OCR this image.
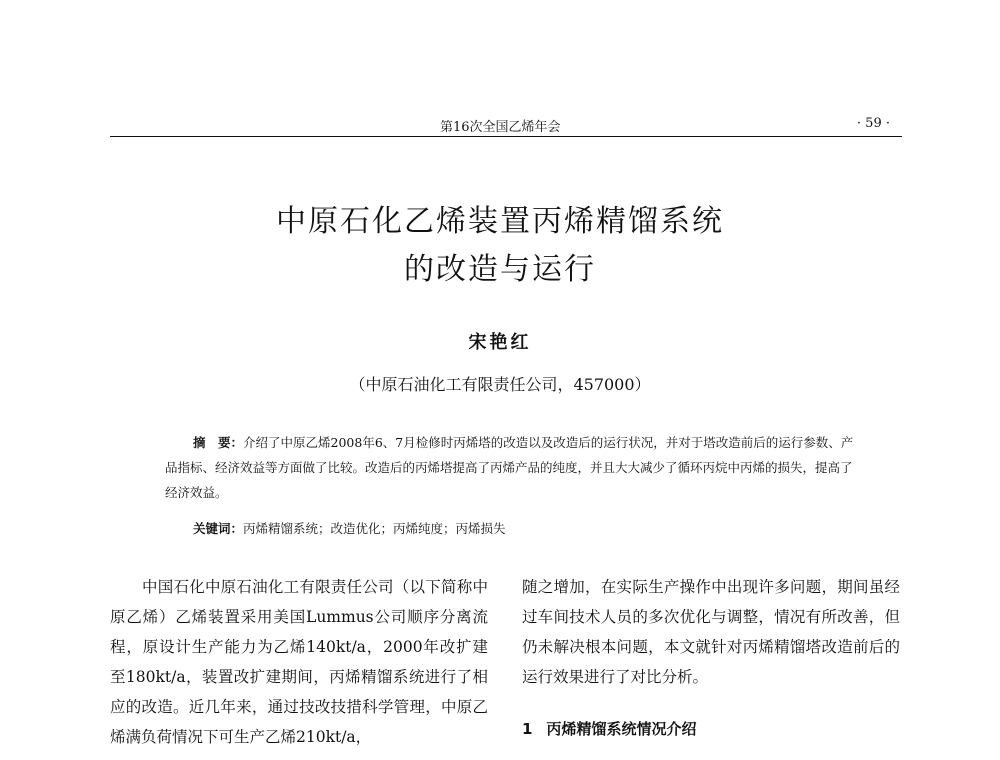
第16次全国乙烯年会	· 59 ·
中原石化乙烯装置丙烯精馏系统
的改造与运行
宋艳红
（中原石油化工有限责任公司，457000）
摘　要：介绍了中原乙烯2008年6、7月检修时丙烯塔的改造以及改造后的运行状况，并对于塔改造前后的运行参数、产品指标、经济效益等方面做了比较。改造后的丙烯塔提高了丙烯产品的纯度，并且大大减少了循环丙烷中丙烯的损失，提高了经济效益。
关键词：丙烯精馏系统；改造优化；丙烯纯度；丙烯损失

中国石化中原石油化工有限责任公司（以下简称中原乙烯）乙烯装置采用美国Lummus公司顺序分离流程，原设计生产能力为乙烯140kt/a，2000年改扩建至180kt/a，装置改扩建期间，丙烯精馏系统进行了相应的改造。近几年来，通过技改技措科学管理，中原乙烯满负荷情况下可生产乙烯210kt/a，

随之增加，在实际生产操作中出现许多问题，期间虽经过车间技术人员的多次优化与调整，情况有所改善，但仍未解决根本问题，本文就针对丙烯精馏塔改造前后的运行效果进行了对比分析。

1 丙烯精馏系统情况介绍
